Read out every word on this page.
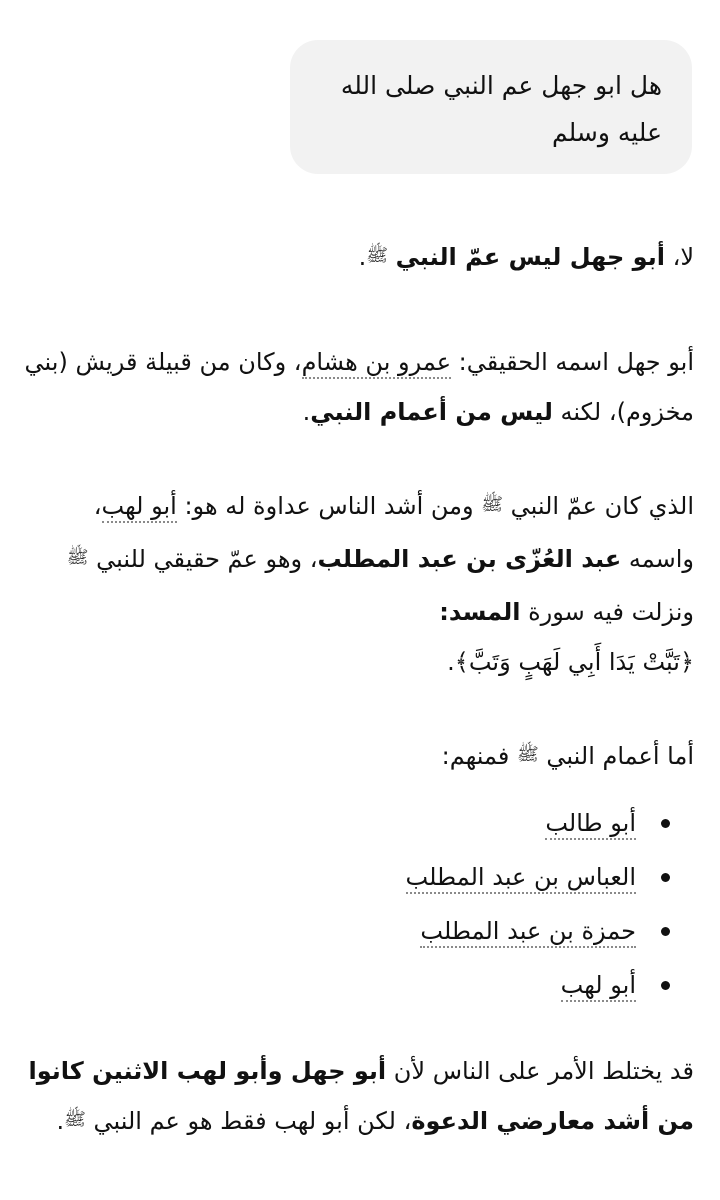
هل ابو جهل عم النبي صلى الله
عليه وسلم

لا، أبو جهل ليس عمّ النبي ﷺ.

أبو جهل اسمه الحقيقي: عمرو بن هشام، وكان من قبيلة قريش (بني مخزوم)، لكنه ليس من أعمام النبي.

الذي كان عمّ النبي ﷺ ومن أشد الناس عداوة له هو: أبو لهب، واسمه عبد العُزّى بن عبد المطلب، وهو عمّ حقيقي للنبي ﷺ ونزلت فيه سورة المسد:
﴿تَبَّتْ يَدَا أَبِي لَهَبٍ وَتَبَّ﴾.

أما أعمام النبي ﷺ فمنهم:

أبو طالب
العباس بن عبد المطلب
حمزة بن عبد المطلب
أبو لهب

قد يختلط الأمر على الناس لأن أبو جهل وأبو لهب الاثنين كانوا من أشد معارضي الدعوة، لكن أبو لهب فقط هو عم النبي ﷺ.
